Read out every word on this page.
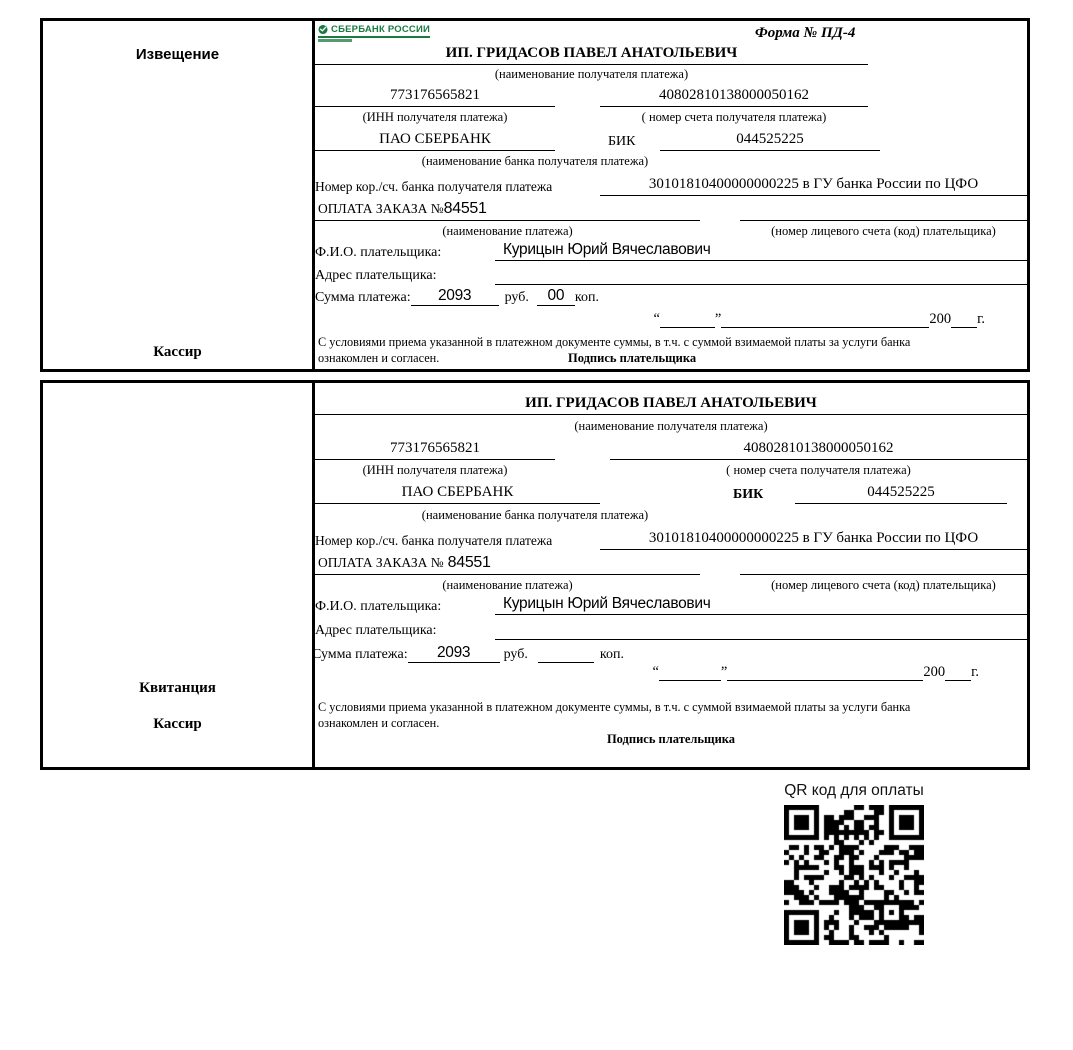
Извещение
Кассир
СБЕРБАНК РОССИИ	Форма № ПД-4
ИП. ГРИДАСОВ ПАВЕЛ АНАТОЛЬЕВИЧ
(наименование получателя платежа)
773176565821	40802810138000050162
(ИНН получателя платежа)	( номер счета получателя платежа)
ПАО СБЕРБАНК	БИК	044525225
(наименование банка получателя платежа)
Номер кор./сч. банка получателя платежа	30101810400000000225 в ГУ банка России по ЦФО
ОПЛАТА ЗАКАЗА №84551
(наименование платежа)	(номер лицевого счета (код) плательщика)
Ф.И.О. плательщика:	Курицын Юрий Вячеславович
Адрес плательщика:
Сумма платежа:	2093	руб.	00 коп.
“	”	200 г.
С условиями приема указанной в платежном документе суммы, в т.ч. с суммой взимаемой платы за услуги банка
ознакомлен и согласен.	Подпись плательщика
Квитанция
Кассир
ИП. ГРИДАСОВ ПАВЕЛ АНАТОЛЬЕВИЧ
(наименование получателя платежа)
773176565821	40802810138000050162
(ИНН получателя платежа)	( номер счета получателя платежа)
ПАО СБЕРБАНК	БИК	044525225
(наименование банка получателя платежа)
Номер кор./сч. банка получателя платежа	30101810400000000225 в ГУ банка России по ЦФО
ОПЛАТА ЗАКАЗА № 84551
(наименование платежа)	(номер лицевого счета (код) плательщика)
Ф.И.О. плательщика:	Курицын Юрий Вячеславович
Адрес плательщика:
Сумма платежа:	2093	руб.	коп.
“	”	200 г.
С условиями приема указанной в платежном документе суммы, в т.ч. с суммой взимаемой платы за услуги банка
ознакомлен и согласен.
Подпись плательщика
QR код для оплаты
